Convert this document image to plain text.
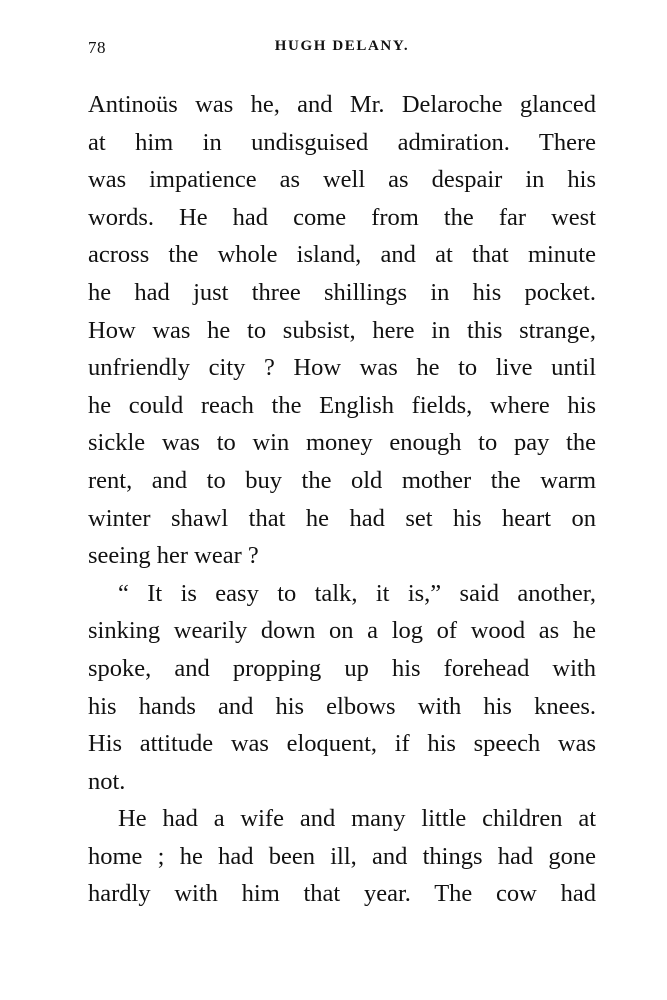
78	HUGH DELANY.

Antinoüs was he, and Mr. Delaroche glanced
at him in undisguised admiration. There
was impatience as well as despair in his
words. He had come from the far west
across the whole island, and at that minute
he had just three shillings in his pocket.
How was he to subsist, here in this strange,
unfriendly city ? How was he to live until
he could reach the English fields, where his
sickle was to win money enough to pay the
rent, and to buy the old mother the warm
winter shawl that he had set his heart on
seeing her wear ?

“ It is easy to talk, it is,” said another,
sinking wearily down on a log of wood as he
spoke, and propping up his forehead with
his hands and his elbows with his knees.
His attitude was eloquent, if his speech was
not.

He had a wife and many little children at
home ; he had been ill, and things had gone
hardly with him that year. The cow had
